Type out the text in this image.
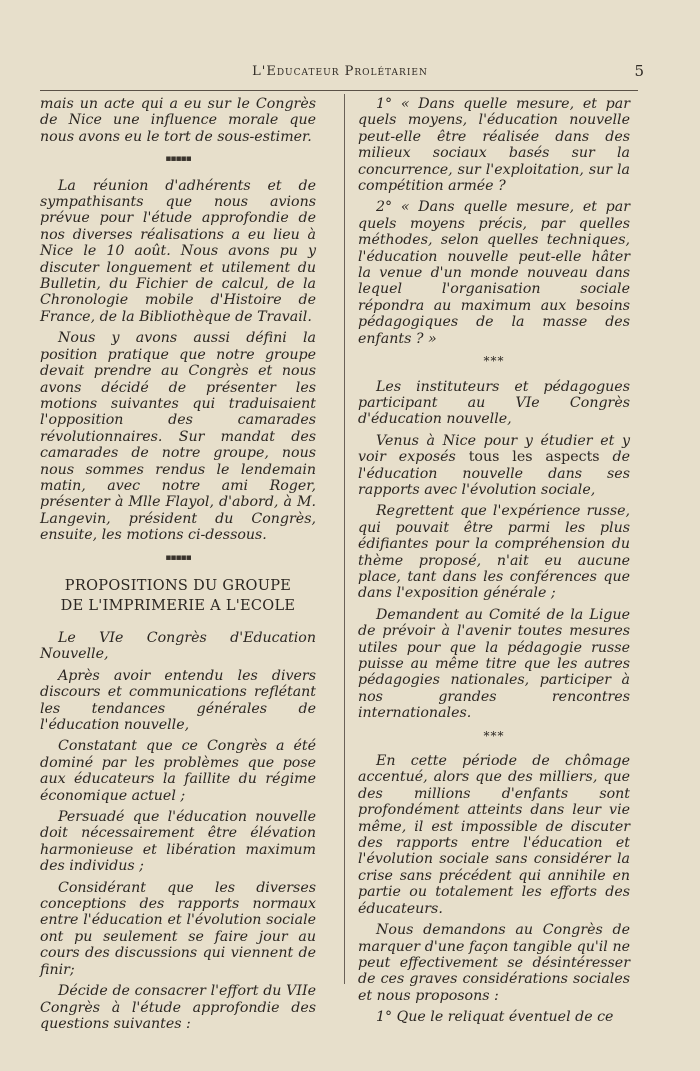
L'Educateur Prolétarien	5

mais un acte qui a eu sur le Congrès de Nice une influence morale que nous avons eu le tort de sous-estimer.

▪▪▪▪▪

La réunion d'adhérents et de sympathisants que nous avions prévue pour l'étude approfondie de nos diverses réalisations a eu lieu à Nice le 10 août. Nous avons pu y discuter longuement et utilement du Bulletin, du Fichier de calcul, de la Chronologie mobile d'Histoire de France, de la Bibliothèque de Travail.

Nous y avons aussi défini la position pratique que notre groupe devait prendre au Congrès et nous avons décidé de présenter les motions suivantes qui traduisaient l'opposition des camarades révolutionnaires. Sur mandat des camarades de notre groupe, nous nous sommes rendus le lendemain matin, avec notre ami Roger, présenter à Mlle Flayol, d'abord, à M. Langevin, président du Congrès, ensuite, les motions ci-dessous.

▪▪▪▪▪
PROPOSITIONS DU GROUPE
DE L'IMPRIMERIE A L'ECOLE

Le VIe Congrès d'Education Nouvelle,

Après avoir entendu les divers discours et communications reflétant les tendances générales de l'éducation nouvelle,

Constatant que ce Congrès a été dominé par les problèmes que pose aux éducateurs la faillite du régime économique actuel ;

Persuadé que l'éducation nouvelle doit nécessairement être élévation harmonieuse et libération maximum des individus ;

Considérant que les diverses conceptions des rapports normaux entre l'éducation et l'évolution sociale ont pu seulement se faire jour au cours des discussions qui viennent de finir;

Décide de consacrer l'effort du VIIe Congrès à l'étude approfondie des questions suivantes :

1° « Dans quelle mesure, et par quels moyens, l'éducation nouvelle peut-elle être réalisée dans des milieux sociaux basés sur la concurrence, sur l'exploitation, sur la compétition armée ?

2° « Dans quelle mesure, et par quels moyens précis, par quelles méthodes, selon quelles techniques, l'éducation nouvelle peut-elle hâter la venue d'un monde nouveau dans lequel l'organisation sociale répondra au maximum aux besoins pédagogiques de la masse des enfants ? »

***

Les instituteurs et pédagogues participant au VIe Congrès d'éducation nouvelle,

Venus à Nice pour y étudier et y voir exposés tous les aspects de l'éducation nouvelle dans ses rapports avec l'évolution sociale,

Regrettent que l'expérience russe, qui pouvait être parmi les plus édifiantes pour la compréhension du thème proposé, n'ait eu aucune place, tant dans les conférences que dans l'exposition générale ;

Demandent au Comité de la Ligue de prévoir à l'avenir toutes mesures utiles pour que la pédagogie russe puisse au même titre que les autres pédagogies nationales, participer à nos grandes rencontres internationales.

***

En cette période de chômage accentué, alors que des milliers, que des millions d'enfants sont profondément atteints dans leur vie même, il est impossible de discuter des rapports entre l'éducation et l'évolution sociale sans considérer la crise sans précédent qui annihile en partie ou totalement les efforts des éducateurs.

Nous demandons au Congrès de marquer d'une façon tangible qu'il ne peut effectivement se désintéresser de ces graves considérations sociales et nous proposons :

1° Que le reliquat éventuel de ce
